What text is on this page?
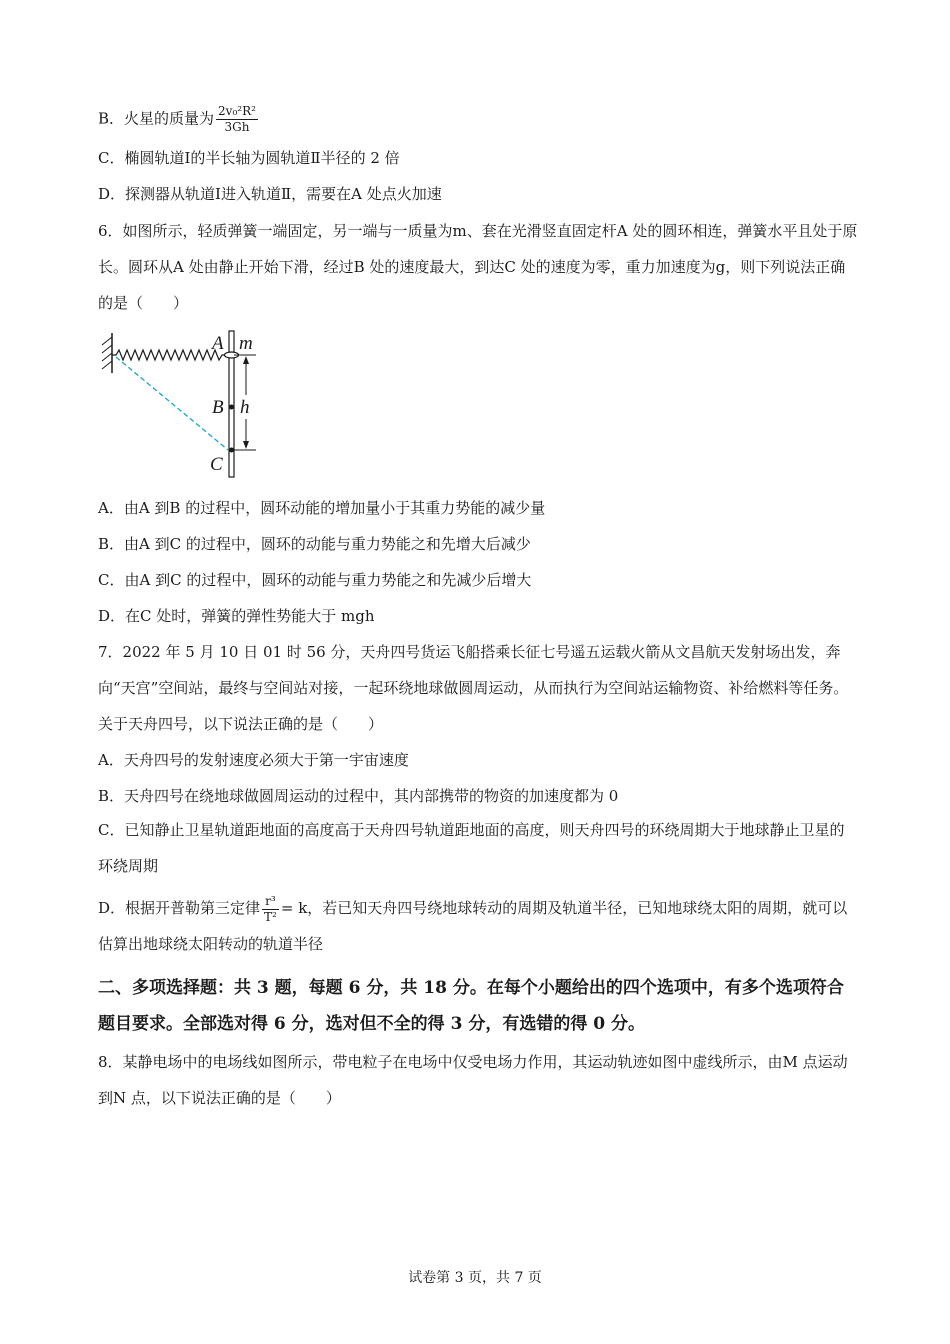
B．火星的质量为 $\frac{\text{2v₀²R²}}{3Gh}$
C．椭圆轨道Ⅰ的半长轴为圆轨道Ⅱ半径的 2 倍
D．探测器从轨道Ⅰ进入轨道Ⅱ，需要在A 处点火加速
6．如图所示，轻质弹簧一端固定，另一端与一质量为m、套在光滑竖直固定杆A 处的圆环相连，弹簧水平且处于原长。圆环从A 处由静止开始下滑，经过B 处的速度最大，到达C 处的速度为零，重力加速度为g，则下列说法正确的是（　　）
A m
B h
C
A．由A 到B 的过程中，圆环动能的增加量小于其重力势能的减少量
B．由A 到C 的过程中，圆环的动能与重力势能之和先增大后减少
C．由A 到C 的过程中，圆环的动能与重力势能之和先减少后增大
D．在C 处时，弹簧的弹性势能大于 mgh
7．2022 年 5 月 10 日 01 时 56 分，天舟四号货运飞船搭乘长征七号遥五运载火箭从文昌航天发射场出发，奔向“天宫”空间站，最终与空间站对接，一起环绕地球做圆周运动，从而执行为空间站运输物资、补给燃料等任务。关于天舟四号，以下说法正确的是（　　）
A．天舟四号的发射速度必须大于第一宇宙速度
B．天舟四号在绕地球做圆周运动的过程中，其内部携带的物资的加速度都为 0
C．已知静止卫星轨道距地面的高度高于天舟四号轨道距地面的高度，则天舟四号的环绕周期大于地球静止卫星的环绕周期
D．根据开普勒第三定律 $\frac{\text{r³}}{\text{T²}} = k$，若已知天舟四号绕地球转动的周期及轨道半径，已知地球绕太阳的周期，就可以估算出地球绕太阳转动的轨道半径
二、多项选择题：共 3 题，每题 6 分，共 18 分。在每个小题给出的四个选项中，有多个选项符合题目要求。全部选对得 6 分，选对但不全的得 3 分，有选错的得 0 分。
8．某静电场中的电场线如图所示，带电粒子在电场中仅受电场力作用，其运动轨迹如图中虚线所示，由M 点运动到N 点，以下说法正确的是（　　）
试卷第 3 页，共 7 页
